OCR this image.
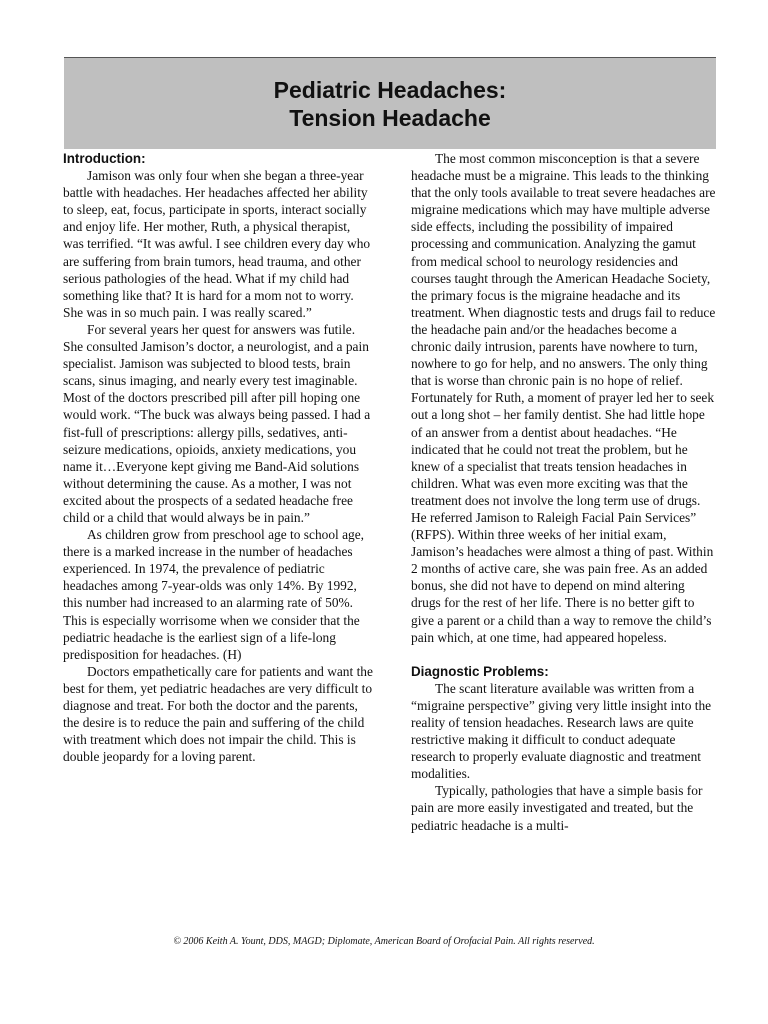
Pediatric Headaches:
Tension Headache
Introduction:

Jamison was only four when she began a three-year battle with headaches. Her headaches affected her ability to sleep, eat, focus, participate in sports, interact socially and enjoy life. Her mother, Ruth, a physical therapist, was terrified. “It was awful. I see children every day who are suffering from brain tumors, head trauma, and other serious pathologies of the head. What if my child had something like that? It is hard for a mom not to worry. She was in so much pain. I was really scared.”

For several years her quest for answers was futile. She consulted Jamison’s doctor, a neurologist, and a pain specialist. Jamison was subjected to blood tests, brain scans, sinus imaging, and nearly every test imaginable. Most of the doctors prescribed pill after pill hoping one would work. “The buck was always being passed. I had a fist-full of prescriptions: allergy pills, sedatives, anti-seizure medications, opioids, anxiety medications, you name it…Everyone kept giving me Band-Aid solutions without determining the cause. As a mother, I was not excited about the prospects of a sedated headache free child or a child that would always be in pain.”

As children grow from preschool age to school age, there is a marked increase in the number of headaches experienced. In 1974, the prevalence of pediatric headaches among 7-year-olds was only 14%. By 1992, this number had increased to an alarming rate of 50%. This is especially worrisome when we consider that the pediatric headache is the earliest sign of a life-long predisposition for headaches. (H)

Doctors empathetically care for patients and want the best for them, yet pediatric headaches are very difficult to diagnose and treat. For both the doctor and the parents, the desire is to reduce the pain and suffering of the child with treatment which does not impair the child. This is double jeopardy for a loving parent.

The most common misconception is that a severe headache must be a migraine. This leads to the thinking that the only tools available to treat severe headaches are migraine medications which may have multiple adverse side effects, including the possibility of impaired processing and communication. Analyzing the gamut from medical school to neurology residencies and courses taught through the American Headache Society, the primary focus is the migraine headache and its treatment. When diagnostic tests and drugs fail to reduce the headache pain and/or the headaches become a chronic daily intrusion, parents have nowhere to turn, nowhere to go for help, and no answers. The only thing that is worse than chronic pain is no hope of relief. Fortunately for Ruth, a moment of prayer led her to seek out a long shot – her family dentist. She had little hope of an answer from a dentist about headaches. “He indicated that he could not treat the problem, but he knew of a specialist that treats tension headaches in children. What was even more exciting was that the treatment does not involve the long term use of drugs. He referred Jamison to Raleigh Facial Pain Services” (RFPS). Within three weeks of her initial exam, Jamison’s headaches were almost a thing of past. Within 2 months of active care, she was pain free. As an added bonus, she did not have to depend on mind altering drugs for the rest of her life. There is no better gift to give a parent or a child than a way to remove the child’s pain which, at one time, had appeared hopeless.

Diagnostic Problems:

The scant literature available was written from a “migraine perspective” giving very little insight into the reality of tension headaches. Research laws are quite restrictive making it difficult to conduct adequate research to properly evaluate diagnostic and treatment modalities.

Typically, pathologies that have a simple basis for pain are more easily investigated and treated, but the pediatric headache is a multi-

© 2006 Keith A. Yount, DDS, MAGD; Diplomate, American Board of Orofacial Pain. All rights reserved.
